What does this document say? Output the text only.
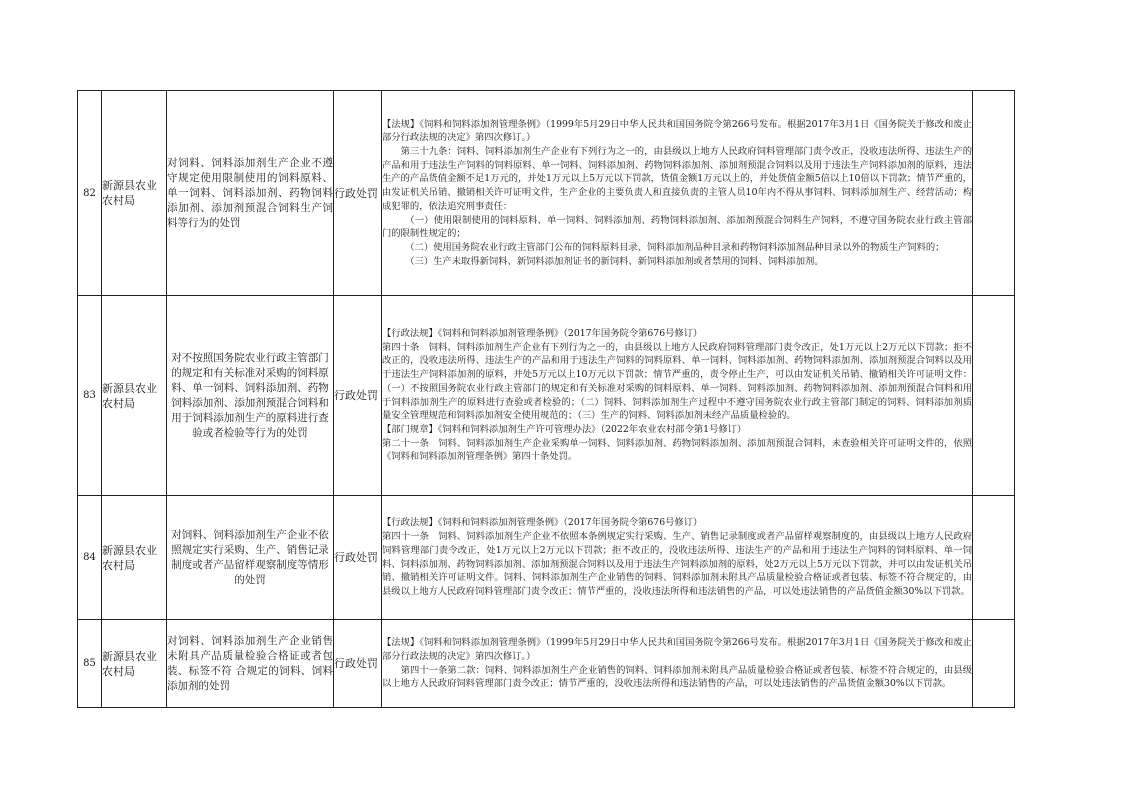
82	新源县农业农村局	对饲料、饲料添加剂生产企业不遵守规定使用限制使用的饲料原料、单一饲料、饲料添加剂、药物饲料添加剂、添加剂预混合饲料生产饲料等行为的处罚	行政处罚	【法规】《饲料和饲料添加剂管理条例》（1999年5月29日中华人民共和国国务院令第266号发布。根据2017年3月1日《国务院关于修改和废止部分行政法规的决定》第四次修订。）

第三十九条：饲料、饲料添加剂生产企业有下列行为之一的，由县级以上地方人民政府饲料管理部门责令改正，没收违法所得、违法生产的产品和用于违法生产饲料的饲料原料、单一饲料、饲料添加剂、药物饲料添加剂、添加剂预混合饲料以及用于违法生产饲料添加剂的原料，违法生产的产品货值金额不足1万元的，并处1万元以上5万元以下罚款，货值金额1万元以上的，并处货值金额5倍以上10倍以下罚款；情节严重的，由发证机关吊销、撤销相关许可证明文件，生产企业的主要负责人和直接负责的主管人员10年内不得从事饲料、饲料添加剂生产、经营活动；构成犯罪的，依法追究刑事责任：

（一）使用限制使用的饲料原料、单一饲料、饲料添加剂、药物饲料添加剂、添加剂预混合饲料生产饲料，不遵守国务院农业行政主管部门的限制性规定的；

（二）使用国务院农业行政主管部门公布的饲料原料目录、饲料添加剂品种目录和药物饲料添加剂品种目录以外的物质生产饲料的；

（三）生产未取得新饲料、新饲料添加剂证书的新饲料、新饲料添加剂或者禁用的饲料、饲料添加剂。	

83	新源县农业农村局	对不按照国务院农业行政主管部门的规定和有关标准对采购的饲料原料、单一饲料、饲料添加剂、药物饲料添加剂、添加剂预混合饲料和用于饲料添加剂生产的原料进行查验或者检验等行为的处罚	行政处罚	【行政法规】《饲料和饲料添加剂管理条例》（2017年国务院令第676号修订）

第四十条　饲料、饲料添加剂生产企业有下列行为之一的，由县级以上地方人民政府饲料管理部门责令改正，处1万元以上2万元以下罚款；拒不改正的，没收违法所得、违法生产的产品和用于违法生产饲料的饲料原料、单一饲料、饲料添加剂、药物饲料添加剂、添加剂预混合饲料以及用于违法生产饲料添加剂的原料，并处5万元以上10万元以下罚款；情节严重的，责令停止生产，可以由发证机关吊销、撤销相关许可证明文件：（一）不按照国务院农业行政主管部门的规定和有关标准对采购的饲料原料、单一饲料、饲料添加剂、药物饲料添加剂、添加剂预混合饲料和用于饲料添加剂生产的原料进行查验或者检验的；（二）饲料、饲料添加剂生产过程中不遵守国务院农业行政主管部门制定的饲料、饲料添加剂质量安全管理规范和饲料添加剂安全使用规范的；（三）生产的饲料、饲料添加剂未经产品质量检验的。

【部门规章】《饲料和饲料添加剂生产许可管理办法》（2022年农业农村部令第1号修订）

第二十一条　饲料、饲料添加剂生产企业采购单一饲料、饲料添加剂、药物饲料添加剂、添加剂预混合饲料，未查验相关许可证明文件的，依照《饲料和饲料添加剂管理条例》第四十条处罚。	

84	新源县农业农村局	对饲料、饲料添加剂生产企业不依照规定实行采购、生产、销售记录制度或者产品留样观察制度等情形的处罚	行政处罚	【行政法规】《饲料和饲料添加剂管理条例》（2017年国务院令第676号修订）

第四十一条　饲料、饲料添加剂生产企业不依照本条例规定实行采购、生产、销售记录制度或者产品留样观察制度的，由县级以上地方人民政府饲料管理部门责令改正，处1万元以上2万元以下罚款；拒不改正的，没收违法所得、违法生产的产品和用于违法生产饲料的饲料原料、单一饲料、饲料添加剂、药物饲料添加剂、添加剂预混合饲料以及用于违法生产饲料添加剂的原料，处2万元以上5万元以下罚款，并可以由发证机关吊销、撤销相关许可证明文件。饲料、饲料添加剂生产企业销售的饲料、饲料添加剂未附具产品质量检验合格证或者包装、标签不符合规定的，由县级以上地方人民政府饲料管理部门责令改正；情节严重的，没收违法所得和违法销售的产品，可以处违法销售的产品货值金额30%以下罚款。	

85	新源县农业农村局	对饲料、饲料添加剂生产企业销售未附具产品质量检验合格证或者包装、标签不符 合规定的饲料、饲料添加剂的处罚	行政处罚	【法规】《饲料和饲料添加剂管理条例》（1999年5月29日中华人民共和国国务院令第266号发布。根据2017年3月1日《国务院关于修改和废止部分行政法规的决定》第四次修订。）

第四十一条第二款：饲料、饲料添加剂生产企业销售的饲料、饲料添加剂未附具产品质量检验合格证或者包装、标签不符合规定的，由县级以上地方人民政府饲料管理部门责令改正；情节严重的，没收违法所得和违法销售的产品，可以处违法销售的产品货值金额30%以下罚款。	
